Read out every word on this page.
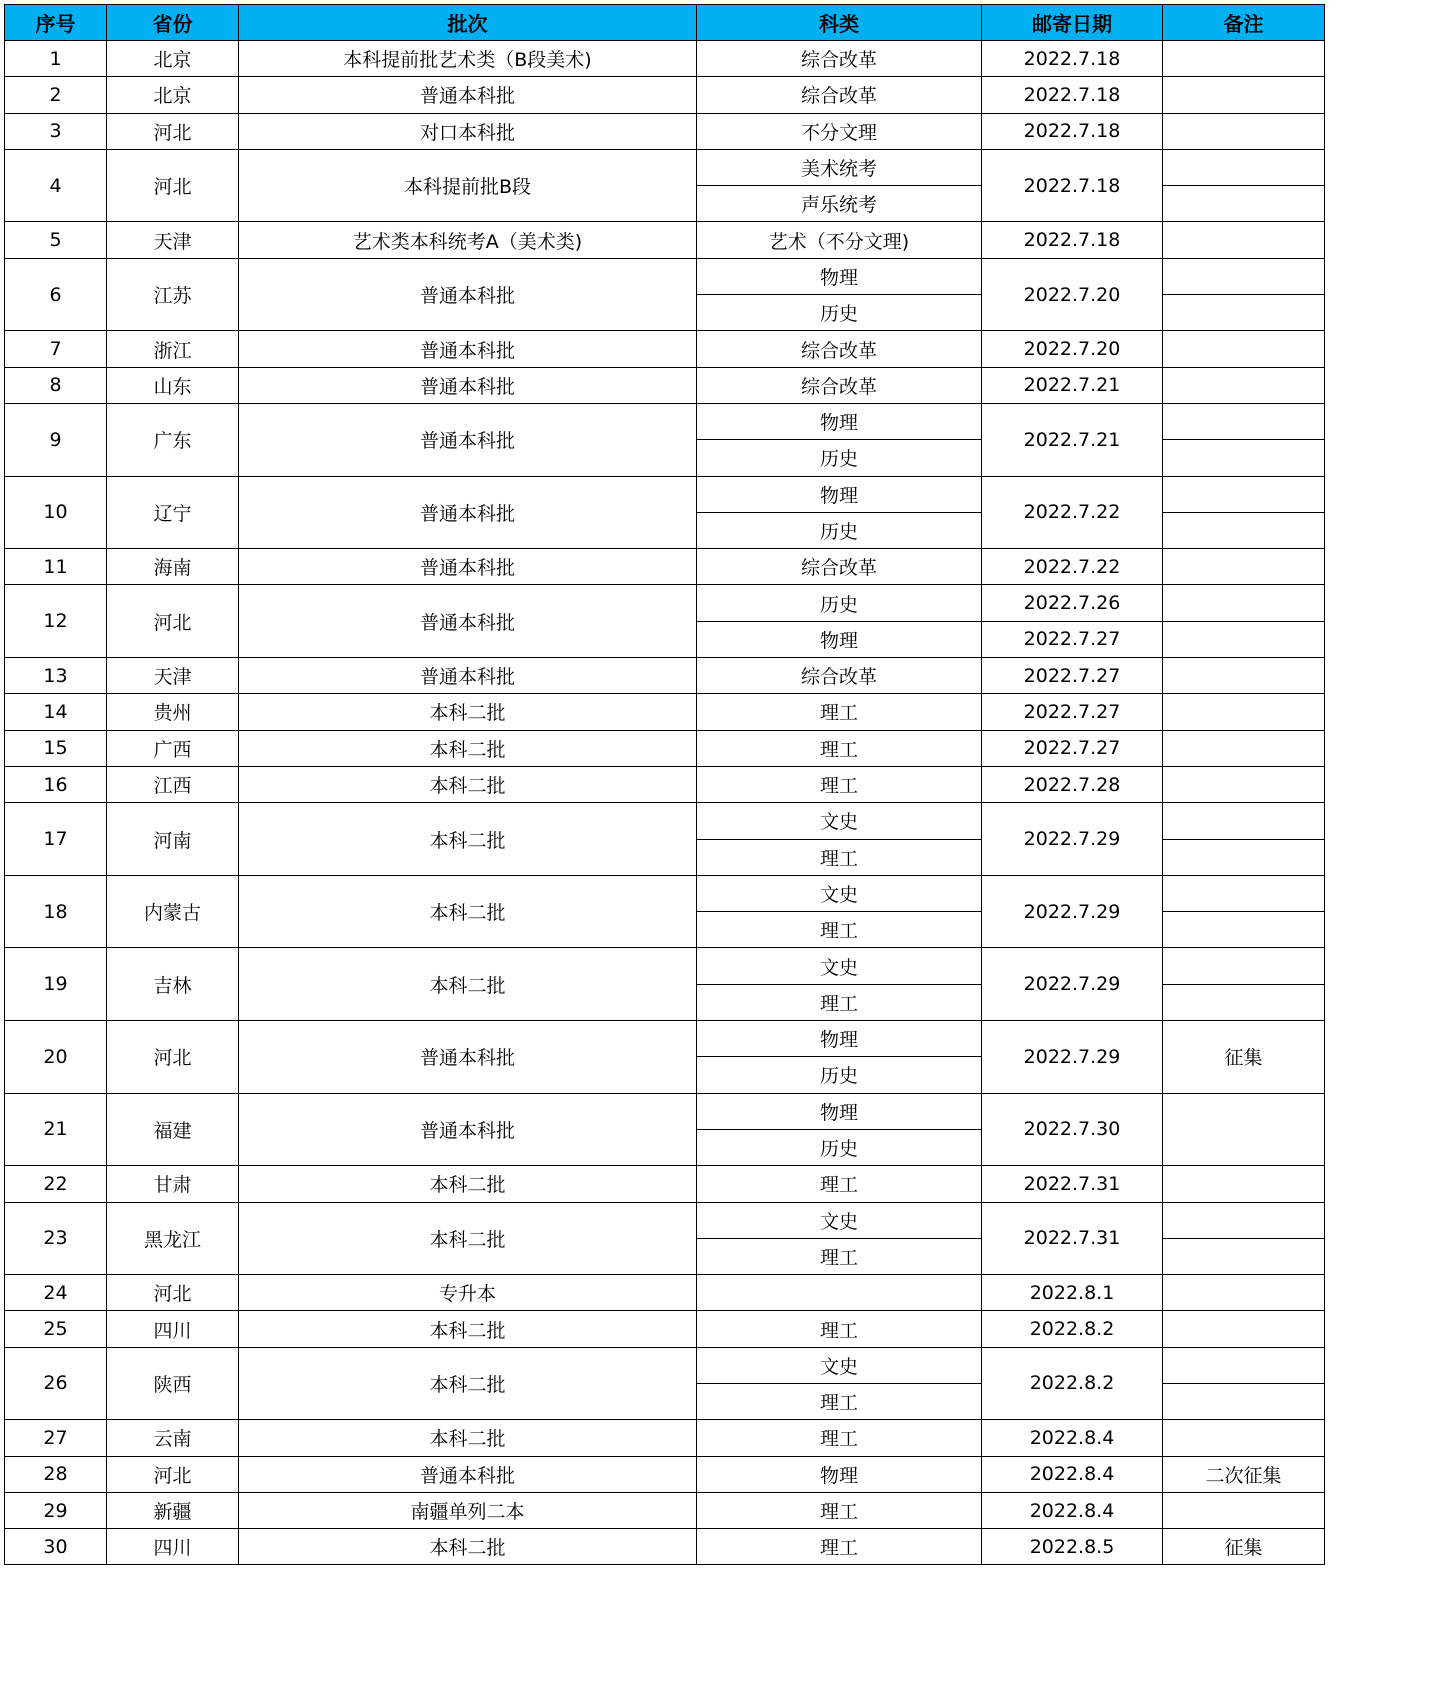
序号	省份	批次	科类	邮寄日期	备注
1	北京	本科提前批艺术类（B段美术)	综合改革	2022.7.18	
2	北京	普通本科批	综合改革	2022.7.18	
3	河北	对口本科批	不分文理	2022.7.18	
4	河北	本科提前批B段	美术统考	2022.7.18	
			声乐统考		
5	天津	艺术类本科统考A（美术类)	艺术（不分文理)	2022.7.18	
6	江苏	普通本科批	物理	2022.7.20	
			历史		
7	浙江	普通本科批	综合改革	2022.7.20	
8	山东	普通本科批	综合改革	2022.7.21	
9	广东	普通本科批	物理	2022.7.21	
			历史		
10	辽宁	普通本科批	物理	2022.7.22	
			历史		
11	海南	普通本科批	综合改革	2022.7.22	
12	河北	普通本科批	历史	2022.7.26	
			物理	2022.7.27	
13	天津	普通本科批	综合改革	2022.7.27	
14	贵州	本科二批	理工	2022.7.27	
15	广西	本科二批	理工	2022.7.27	
16	江西	本科二批	理工	2022.7.28	
17	河南	本科二批	文史	2022.7.29	
			理工		
18	内蒙古	本科二批	文史	2022.7.29	
			理工		
19	吉林	本科二批	文史	2022.7.29	
			理工		
20	河北	普通本科批	物理	2022.7.29	征集
			历史		
21	福建	普通本科批	物理	2022.7.30	
			历史		
22	甘肃	本科二批	理工	2022.7.31	
23	黑龙江	本科二批	文史	2022.7.31	
			理工		
24	河北	专升本		2022.8.1	
25	四川	本科二批	理工	2022.8.2	
26	陕西	本科二批	文史	2022.8.2	
			理工		
27	云南	本科二批	理工	2022.8.4	
28	河北	普通本科批	物理	2022.8.4	二次征集
29	新疆	南疆单列二本	理工	2022.8.4	
30	四川	本科二批	理工	2022.8.5	征集
